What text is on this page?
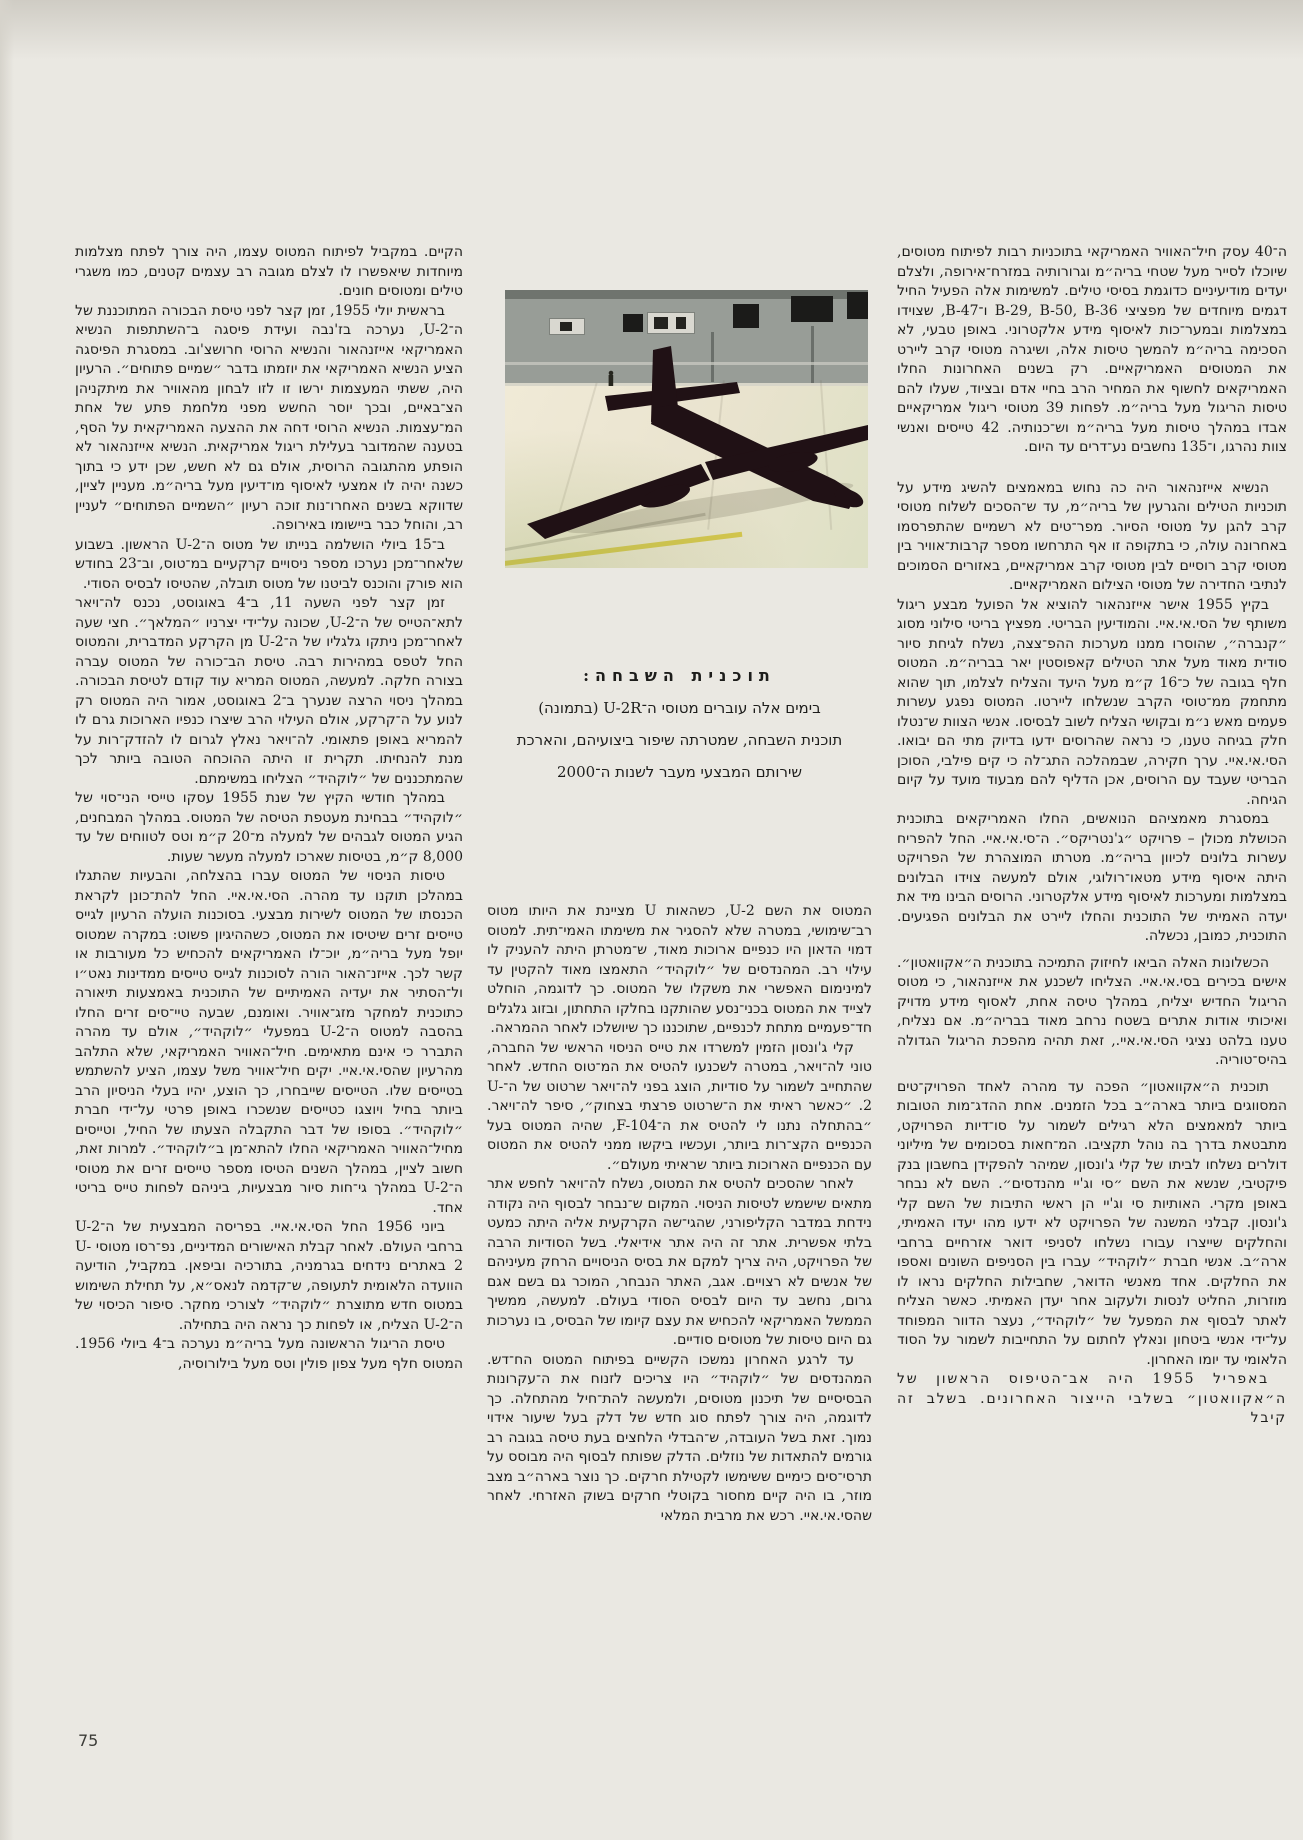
ה־40 עסק חיל־האוויר האמריקאי בתוכניות רבות לפיתוח מטוסים, שיוכלו לסייר מעל שטחי בריה״מ וגרורותיה במזרח־אירופה, ולצלם יעדים מודיעיניים כדוגמת בסיסי טילים. למשימות אלה הפעיל החיל דגמים מיוחדים של מפציצי B-29, B-50, B-36 ו־B-47, שצוידו במצלמות ובמער־כות לאיסוף מידע אלקטרוני. באופן טבעי, לא הסכימה בריה״מ להמשך טיסות אלה, ושיגרה מטוסי קרב ליירט את המטוסים האמריקאיים. רק בשנים האחרונות החלו האמריקאים לחשוף את המחיר הרב בחיי אדם ובציוד, שעלו להם טיסות הריגול מעל בריה״מ. לפחות 39 מטוסי ריגול אמריקאיים אבדו במהלך טיסות מעל בריה״מ וש־כנותיה. 42 טייסים ואנשי צוות נהרגו, ו־135 נחשבים נע־דרים עד היום.

הנשיא אייזנהאור היה כה נחוש במאמצים להשיג מידע על תוכניות הטילים והגרעין של בריה״מ, עד ש־הסכים לשלוח מטוסי קרב להגן על מטוסי הסיור. מפר־טים לא רשמיים שהתפרסמו באחרונה עולה, כי בתקופה זו אף התרחשו מספר קרבות־אוויר בין מטוסי קרב רוסיים לבין מטוסי קרב אמריקאיים, באזורים הסמוכים לנתיבי החדירה של מטוסי הצילום האמריקאיים.

בקיץ 1955 אישר אייזנהאור להוציא אל הפועל מבצע ריגול משותף של הסי.אי.איי. והמודיעין הבריטי. מפציץ בריטי סילוני מסוג ״קנברה״, שהוסרו ממנו מערכות ההפ־צצה, נשלח לגיחת סיור סודית מאוד מעל אתר הטילים קאפוסטין יאר בבריה״מ. המטוס חלף בגובה של כ־16 ק״מ מעל היעד והצליח לצלמו, תוך שהוא מתחמק ממ־טוסי הקרב שנשלחו ליירטו. המטוס נפגע עשרות פעמים מאש נ״מ ובקושי הצליח לשוב לבסיסו. אנשי הצוות ש־נטלו חלק בגיחה טענו, כי נראה שהרוסים ידעו בדיוק מתי הם יבואו. הסי.אי.איי. ערך חקירה, שבמהלכה התג־לה כי קים פילבי, הסוכן הבריטי שעבד עם הרוסים, אכן הדליף להם מבעוד מועד על קיום הגיחה.

במסגרת מאמציהם הנואשים, החלו האמריקאים בתוכנית הכושלת מכולן – פרויקט ״ג'נטריקס״. ה־סי.אי.איי. החל להפריח עשרות בלונים לכיוון בריה״מ. מטרתו המוצהרת של הפרויקט היתה איסוף מידע מטאו־רולוגי, אולם למעשה צוידו הבלונים במצלמות ומערכות לאיסוף מידע אלקטרוני. הרוסים הבינו מיד את יעדה האמיתי של התוכנית והחלו ליירט את הבלונים הפגיעים. התוכנית, כמובן, נכשלה.

הכשלונות האלה הביאו לחיזוק התמיכה בתוכנית ה״אקוואטון״. אישים בכירים בסי.אי.איי. הצליחו לשכנע את אייזנהאור, כי מטוס הריגול החדיש יצליח, במהלך טיסה אחת, לאסוף מידע מדויק ואיכותי אודות אתרים בשטח נרחב מאוד בבריה״מ. אם נצליח, טענו בלהט נציגי הסי.אי.איי., זאת תהיה מהפכת הריגול הגדולה בהיס־טוריה.

תוכנית ה״אקוואטון״ הפכה עד מהרה לאחד הפרויק־טים המסווגים ביותר בארה״ב בכל הזמנים. אחת ההדג־מות הטובות ביותר למאמצים הלא רגילים לשמור על סו־דיות הפרויקט, מתבטאת בדרך בה נוהל תקציבו. המ־חאות בסכומים של מיליוני דולרים נשלחו לביתו של קלי ג'ונסון, שמיהר להפקידן בחשבון בנק פיקטיבי, שנשא את השם ״סי וג'יי מהנדסים״. השם לא נבחר באופן מקרי. האותיות סי וג'יי הן ראשי התיבות של השם קלי ג'ונסון. קבלני המשנה של הפרויקט לא ידעו מהו יעדו האמיתי, והחלקים שייצרו עבורו נשלחו לסניפי דואר אזרחיים ברחבי ארה״ב. אנשי חברת ״לוקהיד״ עברו בין הסניפים השונים ואספו את החלקים. אחד מאנשי הדואר, שחבילות החלקים נראו לו מוזרות, החליט לנסות ולעקוב אחר יעדן האמיתי. כאשר הצליח לאתר לבסוף את המפעל של ״לוקהיד״, נעצר הדוור המפוחד על־ידי אנשי ביטחון ונאלץ לחתום על התחייבות לשמור על הסוד הלאומי עד יומו האחרון.

באפריל 1955 היה אב־הטיפוס הראשון של ה״אקוואטון״ בשלבי הייצור האחרונים. בשלב זה קיבל

תוכנית השבחה:

בימים אלה עוברים מטוסי ה־U-2R (בתמונה)

תוכנית השבחה, שמטרתה שיפור ביצועיהם, והארכת

שירותם המבצעי מעבר לשנות ה־2000

המטוס את השם U-2, כשהאות U מציינת את היותו מטוס רב־שימושי, במטרה שלא להסגיר את משימתו האמי־תית. למטוס דמוי הדאון היו כנפיים ארוכות מאוד, ש־מטרתן היתה להעניק לו עילוי רב. המהנדסים של ״לוקהיד״ התאמצו מאוד להקטין עד למינימום האפשרי את משקלו של המטוס. כך לדוגמה, הוחלט לצייד את המטוס בכני־נסע שהותקנו בחלקו התחתון, ובזוג גלגלים חד־פעמיים מתחת לכנפיים, שתוכננו כך שיושלכו לאחר ההמראה.

קלי ג'ונסון הזמין למשרדו את טייס הניסוי הראשי של החברה, טוני לה־ויאר, במטרה לשכנעו להטיס את המ־טוס החדש. לאחר שהתחייב לשמור על סודיות, הוצג בפני לה־ויאר שרטוט של ה־U-2. ״כאשר ראיתי את ה־שרטוט פרצתי בצחוק״, סיפר לה־ויאר. ״בהתחלה נתנו לי להטיס את ה־F-104, שהיה המטוס בעל הכנפיים הקצ־רות ביותר, ועכשיו ביקשו ממני להטיס את המטוס עם הכנפיים הארוכות ביותר שראיתי מעולם״.

לאחר שהסכים להטיס את המטוס, נשלח לה־ויאר לחפש אתר מתאים שישמש לטיסות הניסוי. המקום ש־נבחר לבסוף היה נקודה נידחת במדבר הקליפורני, שהגי־שה הקרקעית אליה היתה כמעט בלתי אפשרית. אתר זה היה אתר אידיאלי. בשל הסודיות הרבה של הפרויקט, היה צריך למקם את בסיס הניסויים הרחק מעיניהם של אנשים לא רצויים. אגב, האתר הנבחר, המוכר גם בשם אגם גרום, נחשב עד היום לבסיס הסודי בעולם. למעשה, ממשיך הממשל האמריקאי להכחיש את עצם קיומו של הבסיס, בו נערכות גם היום טיסות של מטוסים סודיים.

עד לרגע האחרון נמשכו הקשיים בפיתוח המטוס הח־דש. המהנדסים של ״לוקהיד״ היו צריכים לזנוח את ה־עקרונות הבסיסיים של תיכנון מטוסים, ולמעשה להת־חיל מהתחלה. כך לדוגמה, היה צורך לפתח סוג חדש של דלק בעל שיעור אידוי נמוך. זאת בשל העובדה, ש־הבדלי הלחצים בעת טיסה בגובה רב גורמים להתאדות של נוזלים. הדלק שפותח לבסוף היה מבוסס על תרסי־סים כימיים ששימשו לקטילת חרקים. כך נוצר בארה״ב מצב מוזר, בו היה קיים מחסור בקוטלי חרקים בשוק האזרחי. לאחר שהסי.אי.איי. רכש את מרבית המלאי

הקיים. במקביל לפיתוח המטוס עצמו, היה צורך לפתח מצלמות מיוחדות שיאפשרו לו לצלם מגובה רב עצמים קטנים, כמו משגרי טילים ומטוסים חונים.

בראשית יולי 1955, זמן קצר לפני טיסת הבכורה המתוכננת של ה־U-2, נערכה בז'נבה ועידת פיסגה ב־השתתפות הנשיא האמריקאי אייזנהאור והנשיא הרוסי חרושצ'וב. במסגרת הפיסגה הציע הנשיא האמריקאי את יוזמתו בדבר ״שמיים פתוחים״. הרעיון היה, ששתי המעצמות ירשו זו לזו לבחון מהאוויר את מיתקניהן הצ־באיים, ובכך יוסר החשש מפני מלחמת פתע של אחת המ־עצמות. הנשיא הרוסי דחה את ההצעה האמריקאית על הסף, בטענה שהמדובר בעלילת ריגול אמריקאית. הנשיא אייזנהאור לא הופתע מהתגובה הרוסית, אולם גם לא חשש, שכן ידע כי בתוך כשנה יהיה לו אמצעי לאיסוף מו־דיעין מעל בריה״מ. מעניין לציין, שדווקא בשנים האחרו־נות זוכה רעיון ״השמיים הפתוחים״ לעניין רב, והוחל כבר ביישומו באירופה.

ב־15 ביולי הושלמה בנייתו של מטוס ה־U-2 הראשון. בשבוע שלאחר־מכן נערכו מספר ניסויים קרקעיים במ־טוס, וב־23 בחודש הוא פורק והוכנס לביטנו של מטוס תובלה, שהטיסו לבסיס הסודי.

זמן קצר לפני השעה 11, ב־4 באוגוסט, נכנס לה־ויאר לתא־הטייס של ה־U-2, שכונה על־ידי יצרניו ״המלאך״. חצי שעה לאחר־מכן ניתקו גלגליו של ה־U-2 מן הקרקע המדברית, והמטוס החל לטפס במהירות רבה. טיסת הב־כורה של המטוס עברה בצורה חלקה. למעשה, המטוס המריא עוד קודם לטיסת הבכורה. במהלך ניסוי הרצה שנערך ב־2 באוגוסט, אמור היה המטוס רק לנוע על ה־קרקע, אולם העילוי הרב שיצרו כנפיו הארוכות גרם לו להמריא באופן פתאומי. לה־ויאר נאלץ לגרום לו להזדק־רות על מנת להנחיתו. תקרית זו היתה ההוכחה הטובה ביותר לכך שהמתכננים של ״לוקהיד״ הצליחו במשימתם.

במהלך חודשי הקיץ של שנת 1955 עסקו טייסי הני־סוי של ״לוקהיד״ בבחינת מעטפת הטיסה של המטוס. במהלך המבחנים, הגיע המטוס לגבהים של למעלה מ־20 ק״מ וטס לטווחים של עד 8,000 ק״מ, בטיסות שארכו למעלה מעשר שעות.

טיסות הניסוי של המטוס עברו בהצלחה, והבעיות שהתגלו במהלכן תוקנו עד מהרה. הסי.אי.איי. החל להת־כונן לקראת הכנסתו של המטוס לשירות מבצעי. בסוכנות הועלה הרעיון לגייס טייסים זרים שיטיסו את המטוס, כשההיגיון פשוט: במקרה שמטוס יופל מעל בריה״מ, יוכ־לו האמריקאים להכחיש כל מעורבות או קשר לכך. אייזנ־האור הורה לסוכנות לגייס טייסים ממדינות נאט״ו ול־הסתיר את יעדיה האמיתיים של התוכנית באמצעות תיאורה כתוכנית למחקר מזג־אוויר. ואומנם, שבעה טיי־סים זרים החלו בהסבה למטוס ה־U-2 במפעלי ״לוקהיד״, אולם עד מהרה התברר כי אינם מתאימים. חיל־האוויר האמריקאי, שלא התלהב מהרעיון שהסי.אי.איי. יקים חיל־אוויר משל עצמו, הציע להשתמש בטייסים שלו. הטייסים שייבחרו, כך הוצע, יהיו בעלי הניסיון הרב ביותר בחיל ויוצגו כטייסים שנשכרו באופן פרטי על־ידי חברת ״לוקהיד״. בסופו של דבר התקבלה הצעתו של החיל, וטייסים מחיל־האוויר האמריקאי החלו להתא־מן ב״לוקהיד״. למרות זאת, חשוב לציין, במהלך השנים הטיסו מספר טייסים זרים את מטוסי ה־U-2 במהלך גי־חות סיור מבצעיות, ביניהם לפחות טייס בריטי אחד.

ביוני 1956 החל הסי.אי.איי. בפריסה המבצעית של ה־U-2 ברחבי העולם. לאחר קבלת האישורים המדיניים, נפ־רסו מטוסי U-2 באתרים נידחים בגרמניה, בתורכיה וביפאן. במקביל, הודיעה הוועדה הלאומית לתעופה, ש־קדמה לנאס״א, על תחילת השימוש במטוס חדש מתוצרת ״לוקהיד״ לצורכי מחקר. סיפור הכיסוי של ה־U-2 הצליח, או לפחות כך נראה היה בתחילה.

טיסת הריגול הראשונה מעל בריה״מ נערכה ב־4 ביולי 1956. המטוס חלף מעל צפון פולין וטס מעל בילורוסיה,

75
